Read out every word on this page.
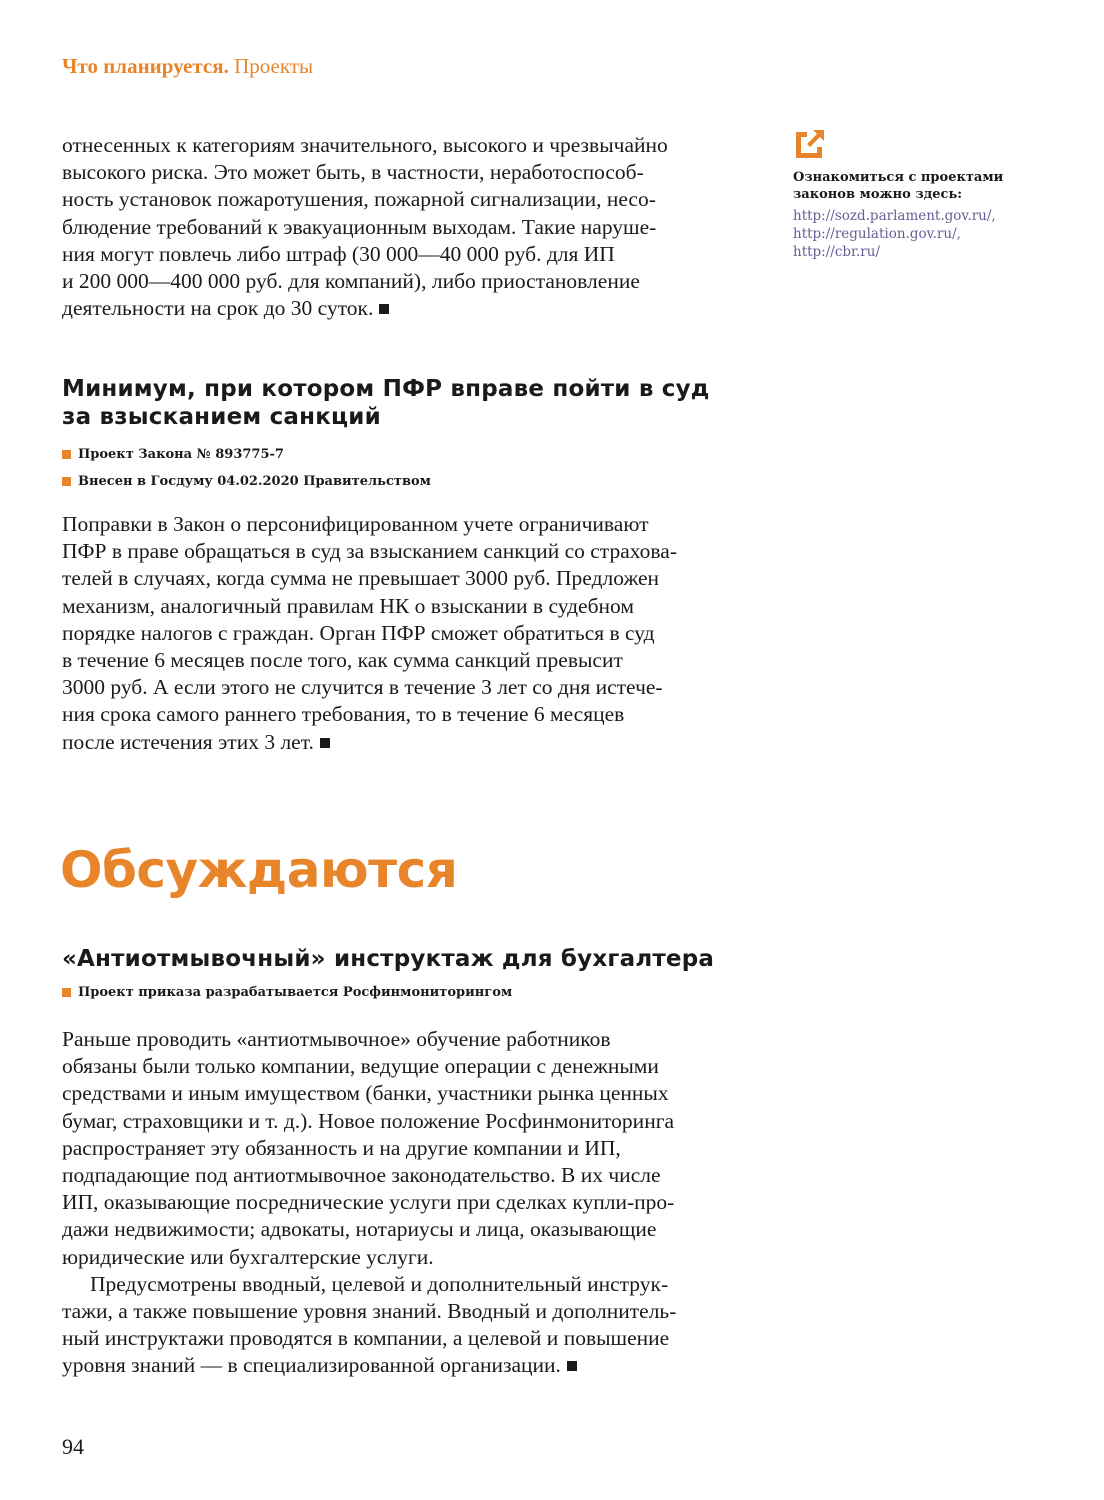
Что планируется. Проекты

отнесенных к категориям значительного, высокого и чрезвычайно
высокого риска. Это может быть, в частности, неработоспособ-
ность установок пожаротушения, пожарной сигнализации, несо-
блюдение требований к эвакуационным выходам. Такие наруше-
ния могут повлечь либо штраф (30 000—40 000 руб. для ИП
и 200 000—400 000 руб. для компаний), либо приостановление
деятельности на срок до 30 суток.

Минимум, при котором ПФР вправе пойти в суд
за взысканием санкций
Проект Закона № 893775-7
Внесен в Госдуму 04.02.2020 Правительством

Поправки в Закон о персонифицированном учете ограничивают
ПФР в праве обращаться в суд за взысканием санкций со страхова-
телей в случаях, когда сумма не превышает 3000 руб. Предложен
механизм, аналогичный правилам НК о взыскании в судебном
порядке налогов с граждан. Орган ПФР сможет обратиться в суд
в течение 6 месяцев после того, как сумма санкций превысит
3000 руб. А если этого не случится в течение 3 лет со дня истече-
ния срока самого раннего требования, то в течение 6 месяцев
после истечения этих 3 лет.

Обсуждаются
«Антиотмывочный» инструктаж для бухгалтера
Проект приказа разрабатывается Росфинмониторингом

Раньше проводить «антиотмывочное» обучение работников
обязаны были только компании, ведущие операции с денежными
средствами и иным имуществом (банки, участники рынка ценных
бумаг, страховщики и т. д.). Новое положение Росфинмониторинга
распространяет эту обязанность и на другие компании и ИП,
подпадающие под антиотмывочное законодательство. В их числе
ИП, оказывающие посреднические услуги при сделках купли-про-
дажи недвижимости; адвокаты, нотариусы и лица, оказывающие
юридические или бухгалтерские услуги.

Предусмотрены вводный, целевой и дополнительный инструк-
тажи, а также повышение уровня знаний. Вводный и дополнитель-
ный инструктажи проводятся в компании, а целевой и повышение
уровня знаний — в специализированной организации.

Ознакомиться с проектами
законов можно здесь:
http://sozd.parlament.gov.ru/,
http://regulation.gov.ru/,
http://cbr.ru/
94
